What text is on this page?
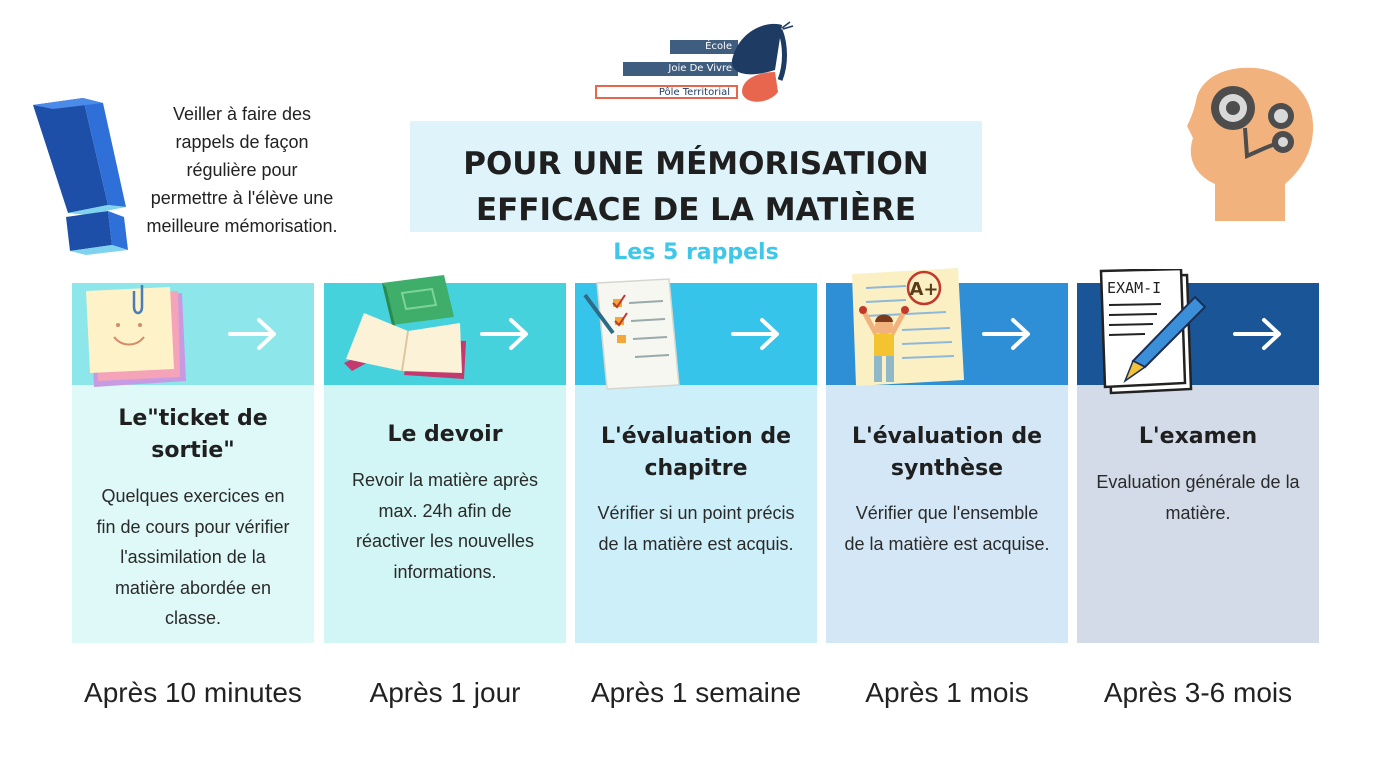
École
Joie De Vivre
Pôle Territorial
Veiller à faire des rappels de façon régulière pour permettre à l'élève une meilleure mémorisation.
POUR UNE MÉMORISATION
EFFICACE DE LA MATIÈRE
Les 5 rappels
Le"ticket de sortie"
Quelques exercices en fin de cours pour vérifier l'assimilation de la matière abordée en classe.
Après 10 minutes
Le devoir
Revoir la matière après max. 24h afin de réactiver les nouvelles informations.
Après 1 jour
L'évaluation de chapitre
Vérifier si un point précis de la matière est acquis.
Après 1 semaine
L'évaluation de synthèse
Vérifier que l'ensemble de la matière est acquise.
A+
Après 1 mois
L'examen
Evaluation générale de la matière.
EXAM-I
Après 3-6 mois
